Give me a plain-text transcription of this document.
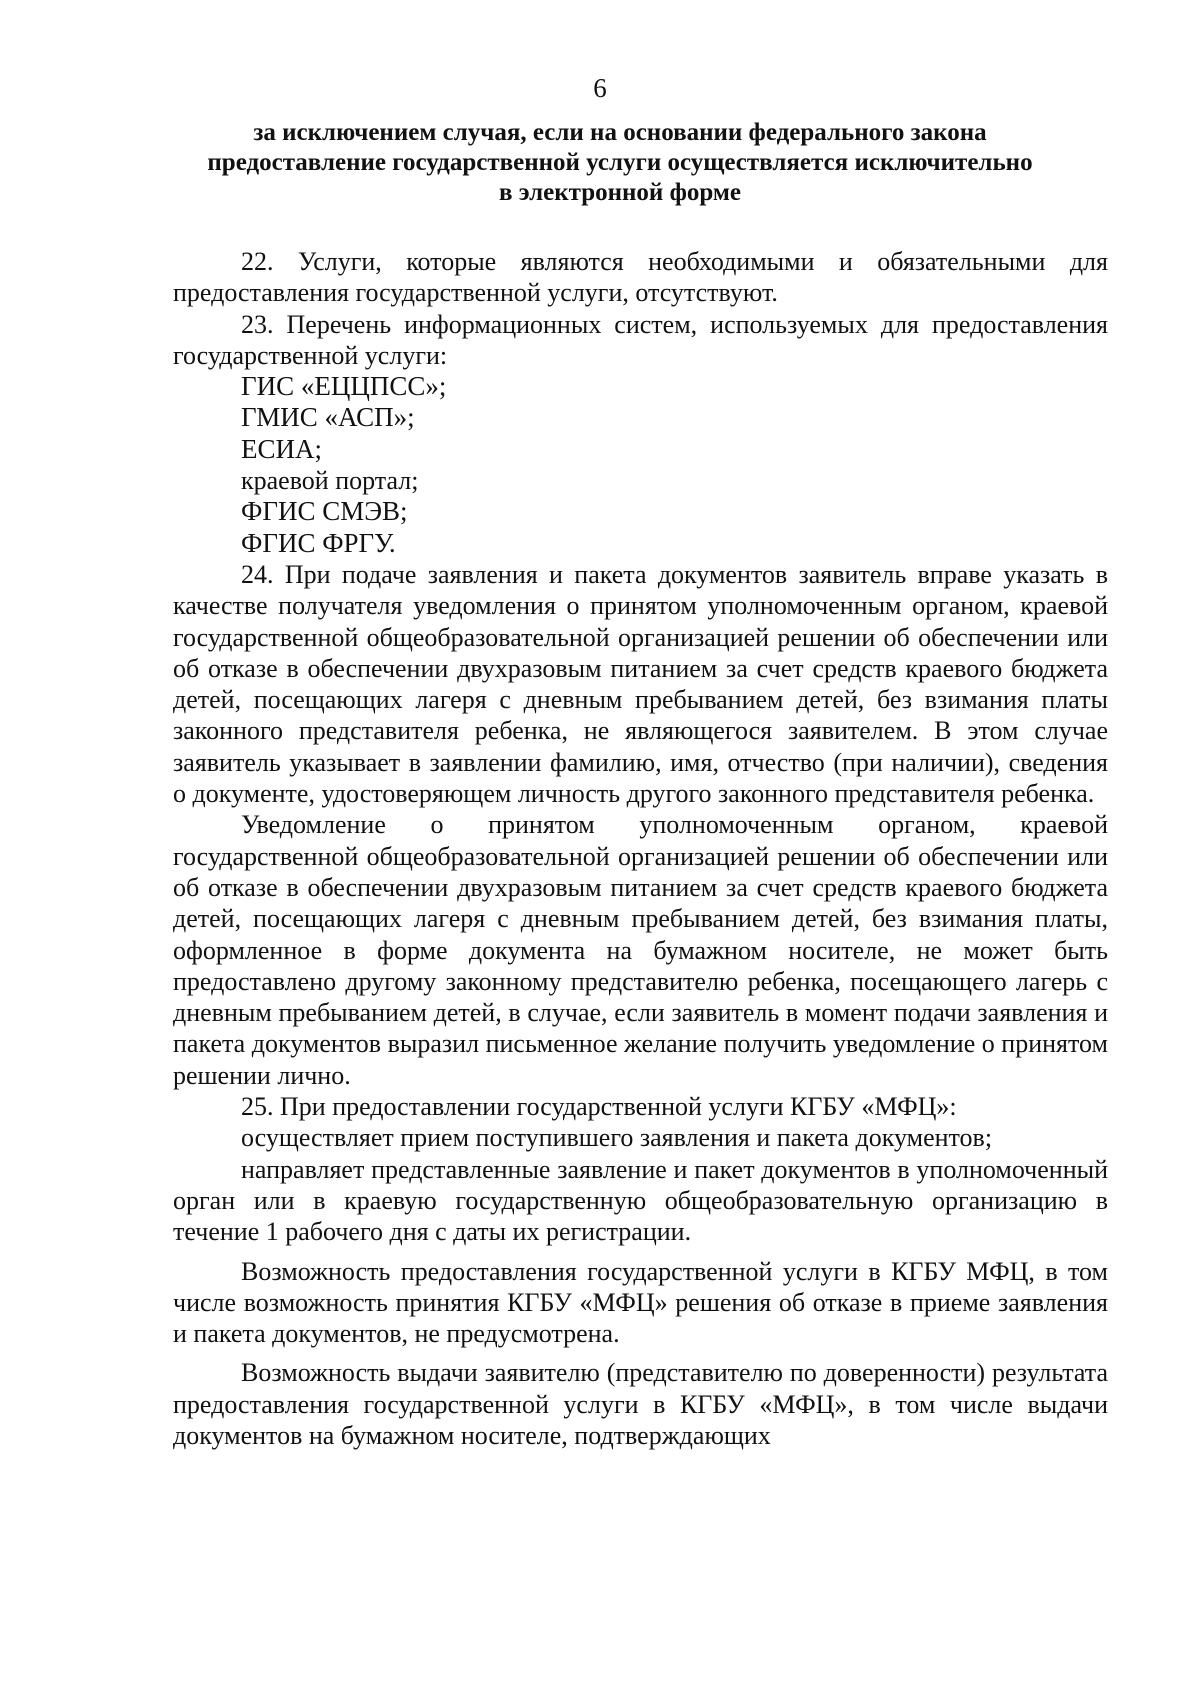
6
за исключением случая, если на основании федерального закона
предоставление государственной услуги осуществляется исключительно
в электронной форме

22. Услуги, которые являются необходимыми и обязательными для предоставления государственной услуги, отсутствуют.

23. Перечень информационных систем, используемых для предоставления государственной услуги:

ГИС «ЕЦЦПСС»;

ГМИС «АСП»;

ЕСИА;

краевой портал;

ФГИС СМЭВ;

ФГИС ФРГУ.

24. При подаче заявления и пакета документов заявитель вправе указать в качестве получателя уведомления о принятом уполномоченным органом, краевой государственной общеобразовательной организацией решении об обеспечении или об отказе в обеспечении двухразовым питанием за счет средств краевого бюджета детей, посещающих лагеря с дневным пребыванием детей, без взимания платы законного представителя ребенка, не являющегося заявителем. В этом случае заявитель указывает в заявлении фамилию, имя, отчество (при наличии), сведения о документе, удостоверяющем личность другого законного представителя ребенка.

Уведомление о принятом уполномоченным органом, краевой государственной общеобразовательной организацией решении об обеспечении или об отказе в обеспечении двухразовым питанием за счет средств краевого бюджета детей, посещающих лагеря с дневным пребыванием детей, без взимания платы, оформленное в форме документа на бумажном носителе, не может быть предоставлено другому законному представителю ребенка, посещающего лагерь с дневным пребыванием детей, в случае, если заявитель в момент подачи заявления и пакета документов выразил письменное желание получить уведомление о принятом решении лично.

25. При предоставлении государственной услуги КГБУ «МФЦ»:

осуществляет прием поступившего заявления и пакета документов;

направляет представленные заявление и пакет документов в уполномоченный орган или в краевую государственную общеобразовательную организацию в течение 1 рабочего дня с даты их регистрации.

Возможность предоставления государственной услуги в КГБУ МФЦ, в том числе возможность принятия КГБУ «МФЦ» решения об отказе в приеме заявления и пакета документов, не предусмотрена.

Возможность выдачи заявителю (представителю по доверенности) результата предоставления государственной услуги в КГБУ «МФЦ», в том числе выдачи документов на бумажном носителе, подтверждающих
